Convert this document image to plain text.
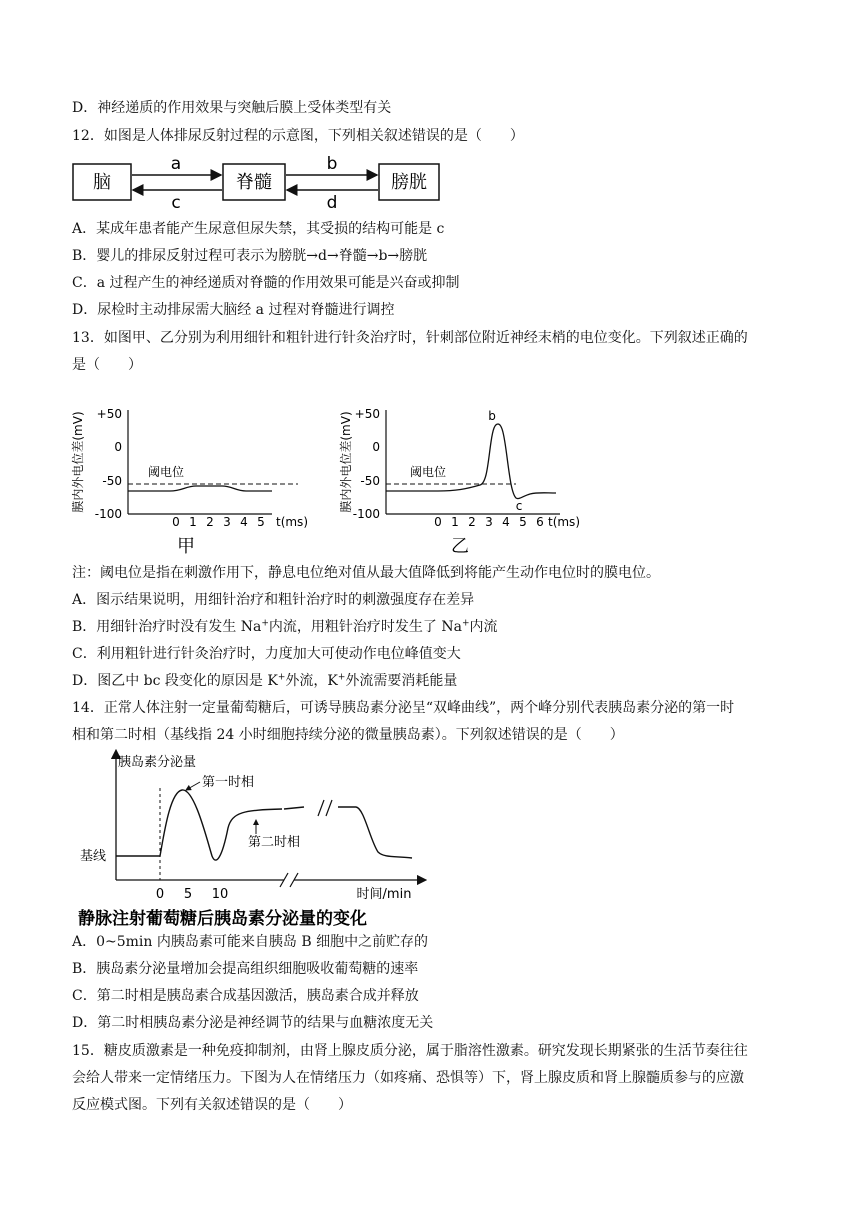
D．神经递质的作用效果与突触后膜上受体类型有关
12．如图是人体排尿反射过程的示意图，下列相关叙述错误的是（　　）
脑	脊髓	膀胱
a
c
b
d
A．某成年患者能产生尿意但尿失禁，其受损的结构可能是 c
B．婴儿的排尿反射过程可表示为膀胱→d→脊髓→b→膀胱
C．a 过程产生的神经递质对脊髓的作用效果可能是兴奋或抑制
D．尿检时主动排尿需大脑经 a 过程对脊髓进行调控
13．如图甲、乙分别为利用细针和粗针进行针灸治疗时，针刺部位附近神经末梢的电位变化。下列叙述正确的
是（　　）
膜内外电位差(mV) +50
0
-50
-100
0 1 2 3 4 5 t(ms)
阈电位
甲
膜内外电位差(mV) +50
0
-50
-100
0 1 2 3 4 5 6 t(ms)
阈电位
b
c
乙
注：阈电位是指在刺激作用下，静息电位绝对值从最大值降低到将能产生动作电位时的膜电位。
A．图示结果说明，用细针治疗和粗针治疗时的刺激强度存在差异
B．用细针治疗时没有发生 Na+内流，用粗针治疗时发生了 Na+内流
C．利用粗针进行针灸治疗时，力度加大可使动作电位峰值变大
D．图乙中 bc 段变化的原因是 K+外流，K+外流需要消耗能量
14．正常人体注射一定量葡萄糖后，可诱导胰岛素分泌呈“双峰曲线”，两个峰分别代表胰岛素分泌的第一时
相和第二时相（基线指 24 小时细胞持续分泌的微量胰岛素）。下列叙述错误的是（　　）
胰岛素分泌量
第一时相
第二时相
基线
0 5 10	时间/min
静脉注射葡萄糖后胰岛素分泌量的变化
A．0~5min 内胰岛素可能来自胰岛 B 细胞中之前贮存的
B．胰岛素分泌量增加会提高组织细胞吸收葡萄糖的速率
C．第二时相是胰岛素合成基因激活，胰岛素合成并释放
D．第二时相胰岛素分泌是神经调节的结果与血糖浓度无关
15．糖皮质激素是一种免疫抑制剂，由肾上腺皮质分泌，属于脂溶性激素。研究发现长期紧张的生活节奏往往
会给人带来一定情绪压力。下图为人在情绪压力（如疼痛、恐惧等）下，肾上腺皮质和肾上腺髓质参与的应激
反应模式图。下列有关叙述错误的是（　　）
